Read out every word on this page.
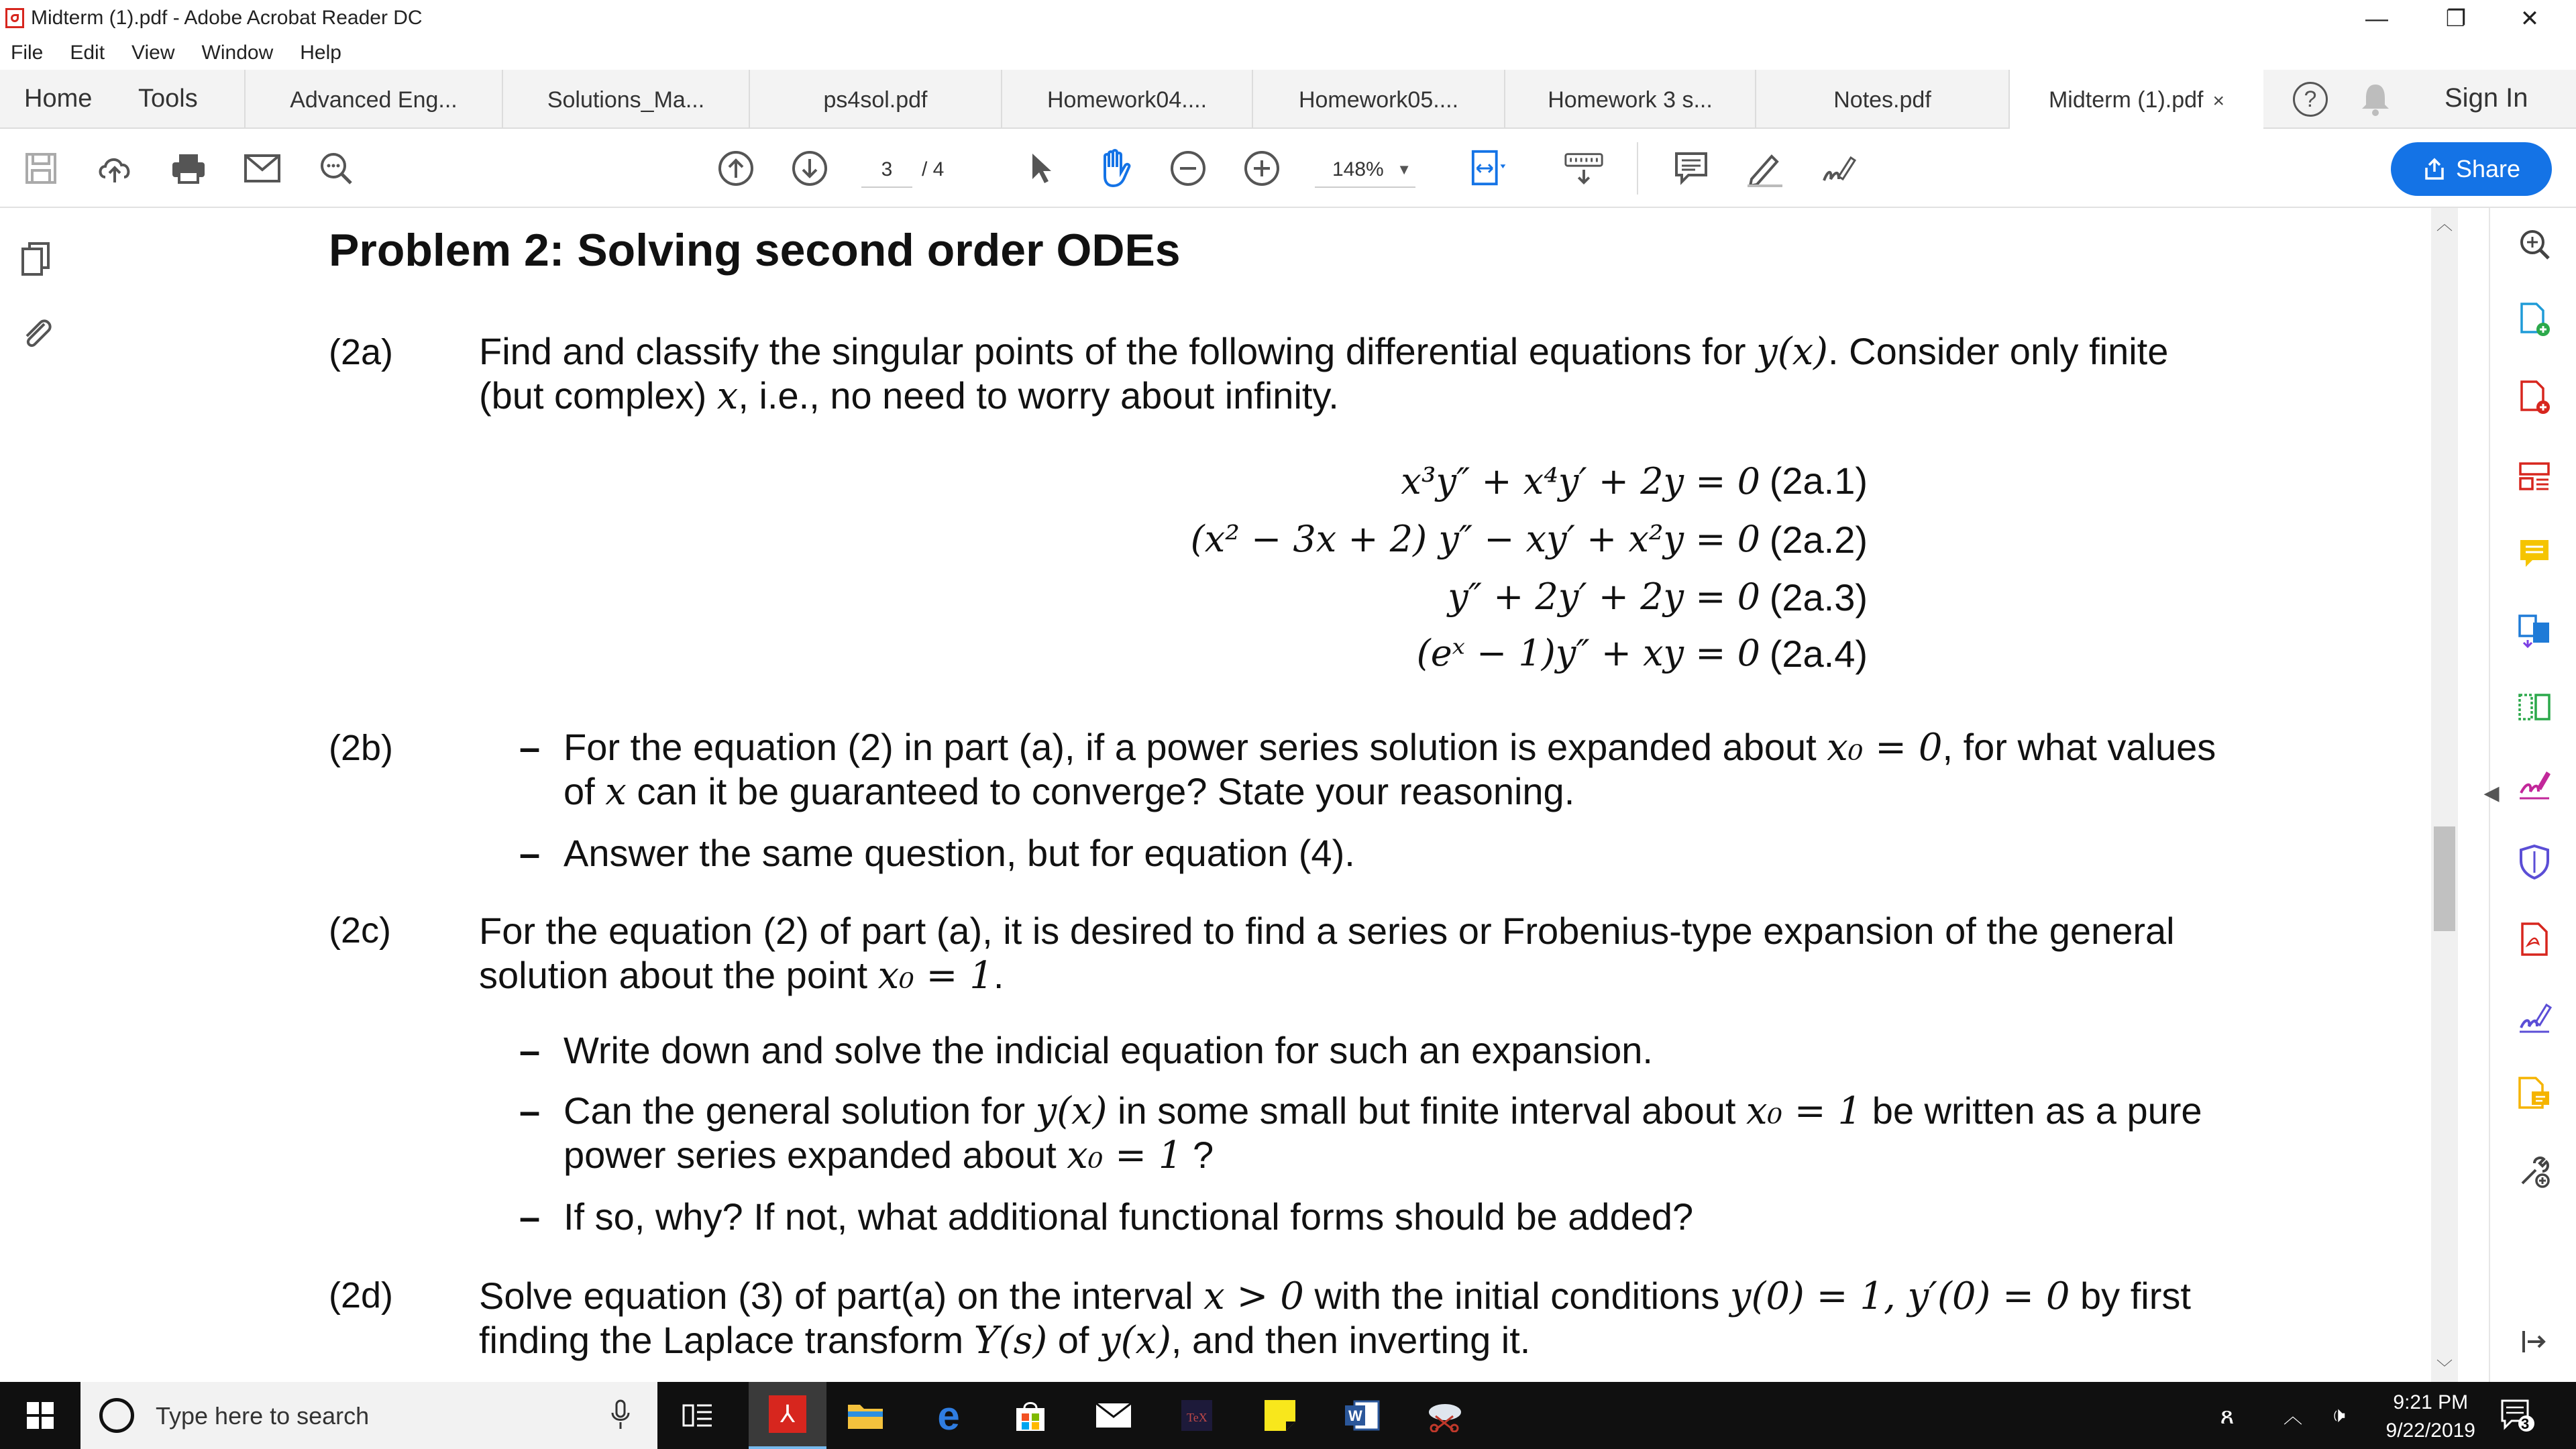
Midterm (1).pdf - Adobe Acrobat Reader DC	—	❐	✕
File Edit View Window Help
Home Tools	Advanced Eng...	Solutions_Ma...	ps4sol.pdf	Homework04....	Homework05....	Homework 3 s...	Notes.pdf	Midterm (1).pdf ×	?	Sign In
3	/ 4	148% ▼	Share
Problem 2: Solving second order ODEs
(2a) Find and classify the singular points of the following differential equations for y(x). Consider only finite
(but complex) x, i.e., no need to worry about infinity.
x³y″ + x⁴y′ + 2y = 0 (2a.1)
(x² − 3x + 2) y″ − xy′ + x²y = 0 (2a.2)
y″ + 2y′ + 2y = 0 (2a.3)
(eˣ − 1)y″ + xy = 0 (2a.4)
(2b)	– For the equation (2) in part (a), if a power series solution is expanded about x₀ = 0, for what values
of x can it be guaranteed to converge? State your reasoning.
– Answer the same question, but for equation (4).
(2c) For the equation (2) of part (a), it is desired to find a series or Frobenius-type expansion of the general
solution about the point x₀ = 1.
– Write down and solve the indicial equation for such an expansion.
– Can the general solution for y(x) in some small but finite interval about x₀ = 1 be written as a pure
power series expanded about x₀ = 1 ?
– If so, why? If not, what additional functional forms should be added?
(2d) Solve equation (3) of part(a) on the interval x > 0 with the initial conditions y(0) = 1, y′(0) = 0 by first
finding the Laplace transform Y(s) of y(x), and then inverting it.
︿
﹀
◀
Type here to search	⅄	e	TeX	W	ጸ	︿	🕩
9:21 PM
9/22/2019	3
